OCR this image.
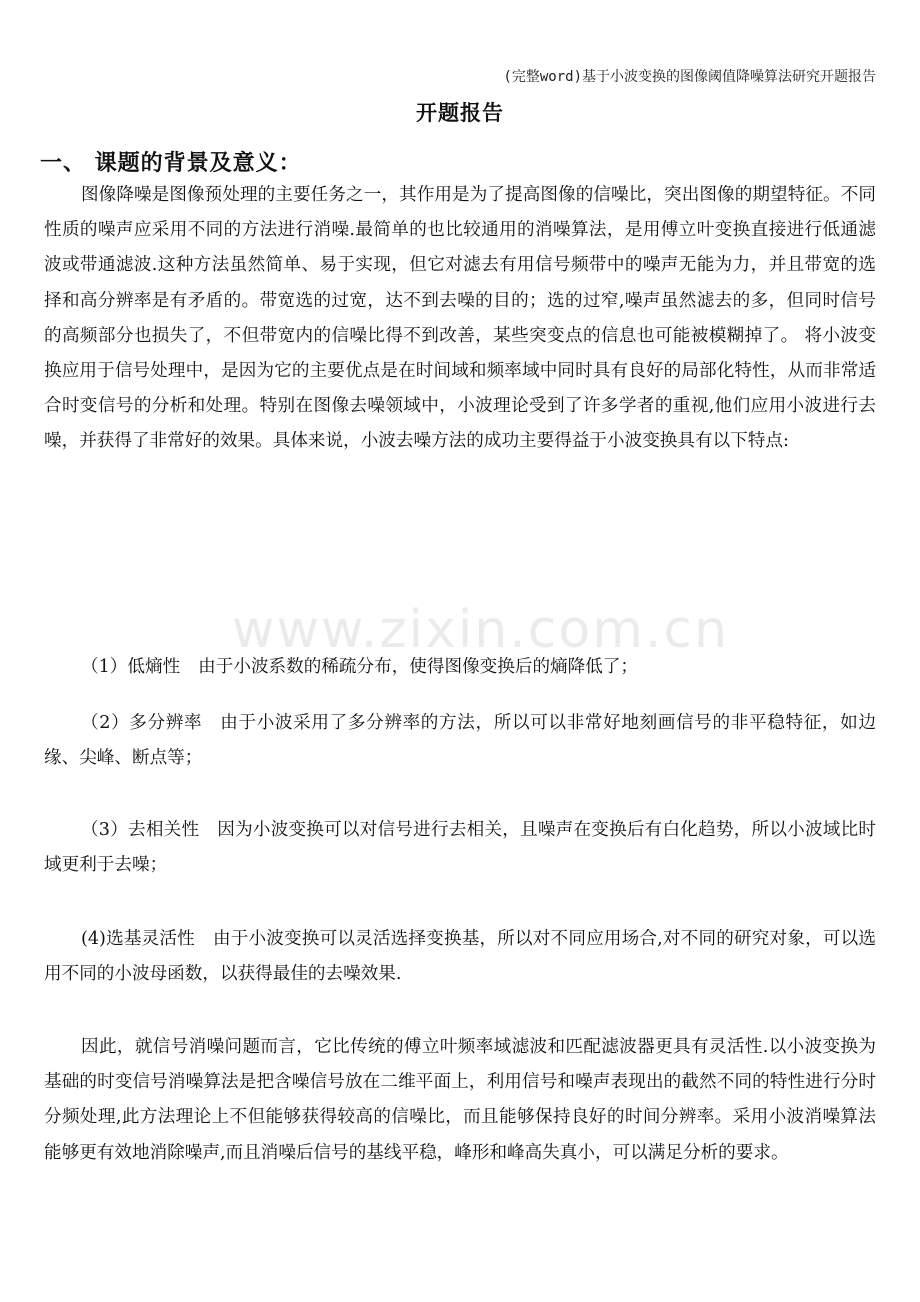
(完整word)基于小波变换的图像阈值降噪算法研究开题报告
开题报告
一、 课题的背景及意义：

图像降噪是图像预处理的主要任务之一，其作用是为了提高图像的信噪比，突出图像的期望特征。不同性质的噪声应采用不同的方法进行消噪.最简单的也比较通用的消噪算法，是用傅立叶变换直接进行低通滤波或带通滤波.这种方法虽然简单、易于实现，但它对滤去有用信号频带中的噪声无能为力，并且带宽的选择和高分辨率是有矛盾的。带宽选的过宽，达不到去噪的目的；选的过窄,噪声虽然滤去的多，但同时信号的高频部分也损失了，不但带宽内的信噪比得不到改善，某些突变点的信息也可能被模糊掉了。 将小波变换应用于信号处理中，是因为它的主要优点是在时间域和频率域中同时具有良好的局部化特性，从而非常适合时变信号的分析和处理。特别在图像去噪领域中，小波理论受到了许多学者的重视,他们应用小波进行去噪，并获得了非常好的效果。具体来说，小波去噪方法的成功主要得益于小波变换具有以下特点:

（1）低熵性 由于小波系数的稀疏分布，使得图像变换后的熵降低了；

（2）多分辨率 由于小波采用了多分辨率的方法，所以可以非常好地刻画信号的非平稳特征，如边缘、尖峰、断点等；

（3）去相关性 因为小波变换可以对信号进行去相关，且噪声在变换后有白化趋势，所以小波域比时域更利于去噪；

(4)选基灵活性 由于小波变换可以灵活选择变换基，所以对不同应用场合,对不同的研究对象，可以选用不同的小波母函数，以获得最佳的去噪效果.

因此，就信号消噪问题而言，它比传统的傅立叶频率域滤波和匹配滤波器更具有灵活性.以小波变换为基础的时变信号消噪算法是把含噪信号放在二维平面上，利用信号和噪声表现出的截然不同的特性进行分时分频处理,此方法理论上不但能够获得较高的信噪比，而且能够保持良好的时间分辨率。采用小波消噪算法能够更有效地消除噪声,而且消噪后信号的基线平稳，峰形和峰高失真小，可以满足分析的要求。

www.zixin.com.cn
